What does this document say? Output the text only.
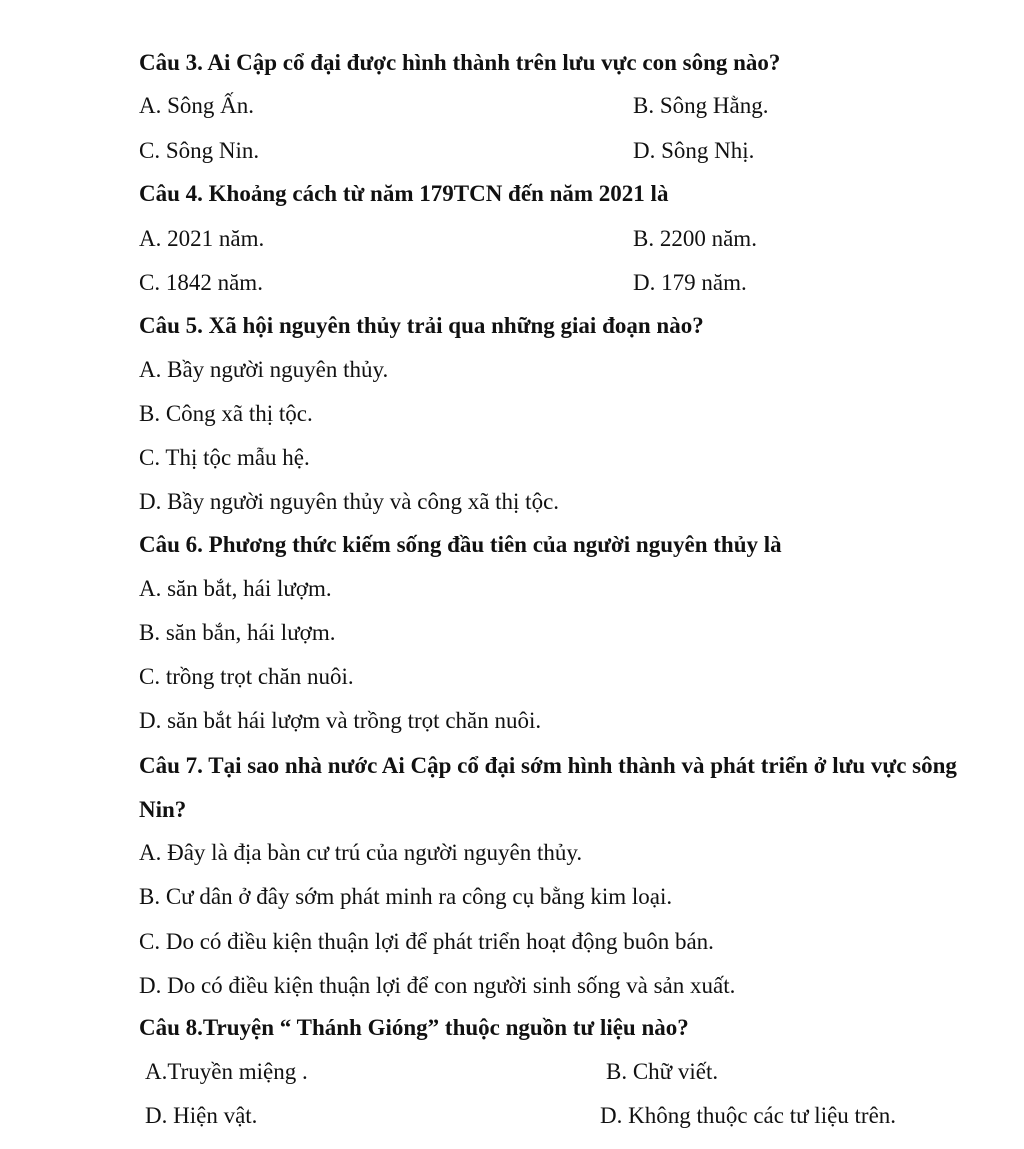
Câu 3. Ai Cập cổ đại được hình thành trên lưu vực con sông nào?
A. Sông Ấn.	B. Sông Hằng.
C. Sông Nin.	D. Sông Nhị.
Câu 4. Khoảng cách từ năm 179TCN đến năm 2021 là
A. 2021 năm.	B. 2200 năm.
C. 1842 năm.	D. 179 năm.
Câu 5. Xã hội nguyên thủy trải qua những giai đoạn nào?
A. Bầy người nguyên thủy.
B. Công xã thị tộc.
C. Thị tộc mẫu hệ.
D. Bầy người nguyên thủy và công xã thị tộc.
Câu 6. Phương thức kiếm sống đầu tiên của người nguyên thủy là
A. săn bắt, hái lượm.
B. săn bắn, hái lượm.
C. trồng trọt chăn nuôi.
D. săn bắt hái lượm và trồng trọt chăn nuôi.
Câu 7. Tại sao nhà nước Ai Cập cổ đại sớm hình thành và phát triển ở lưu vực sông
Nin?
A. Đây là địa bàn cư trú của người nguyên thủy.
B. Cư dân ở đây sớm phát minh ra công cụ bằng kim loại.
C. Do có điều kiện thuận lợi để phát triển hoạt động buôn bán.
D. Do có điều kiện thuận lợi để con người sinh sống và sản xuất.
Câu 8.Truyện “ Thánh Gióng” thuộc nguồn tư liệu nào?
A.Truyền miệng .	B. Chữ viết.
D. Hiện vật.	D. Không thuộc các tư liệu trên.
